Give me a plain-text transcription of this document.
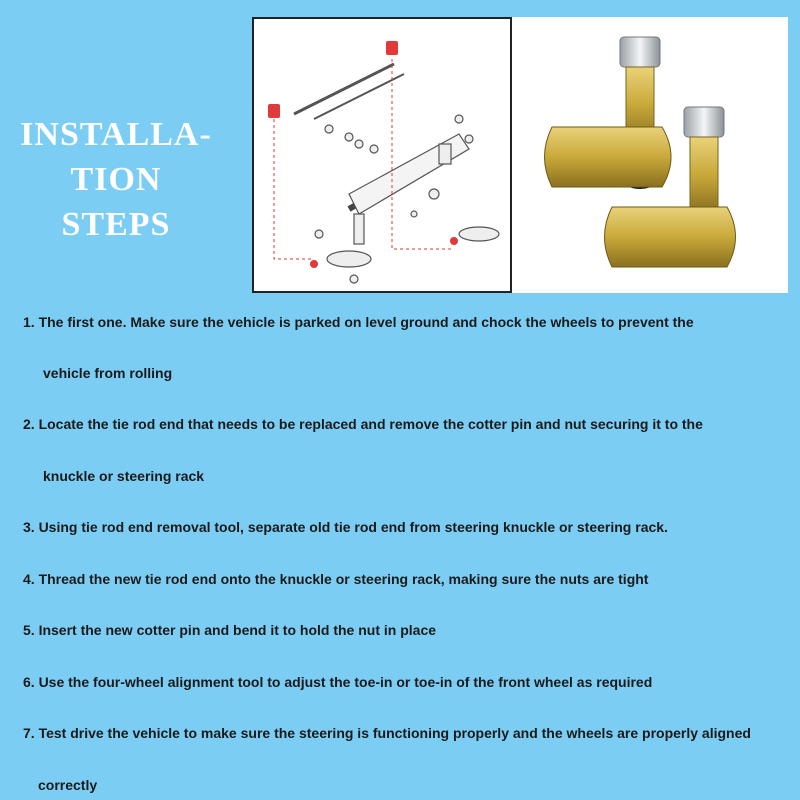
INSTALLA-
TION
STEPS
1. The first one. Make sure the vehicle is parked on level ground and chock the wheels to prevent the
vehicle from rolling
2. Locate the tie rod end that needs to be replaced and remove the cotter pin and nut securing it to the
knuckle or steering rack
3. Using tie rod end removal tool, separate old tie rod end from steering knuckle or steering rack.
4. Thread the new tie rod end onto the knuckle or steering rack, making sure the nuts are tight
5. Insert the new cotter pin and bend it to hold the nut in place
6. Use the four-wheel alignment tool to adjust the toe-in or toe-in of the front wheel as required
7. Test drive the vehicle to make sure the steering is functioning properly and the wheels are properly aligned
correctly
